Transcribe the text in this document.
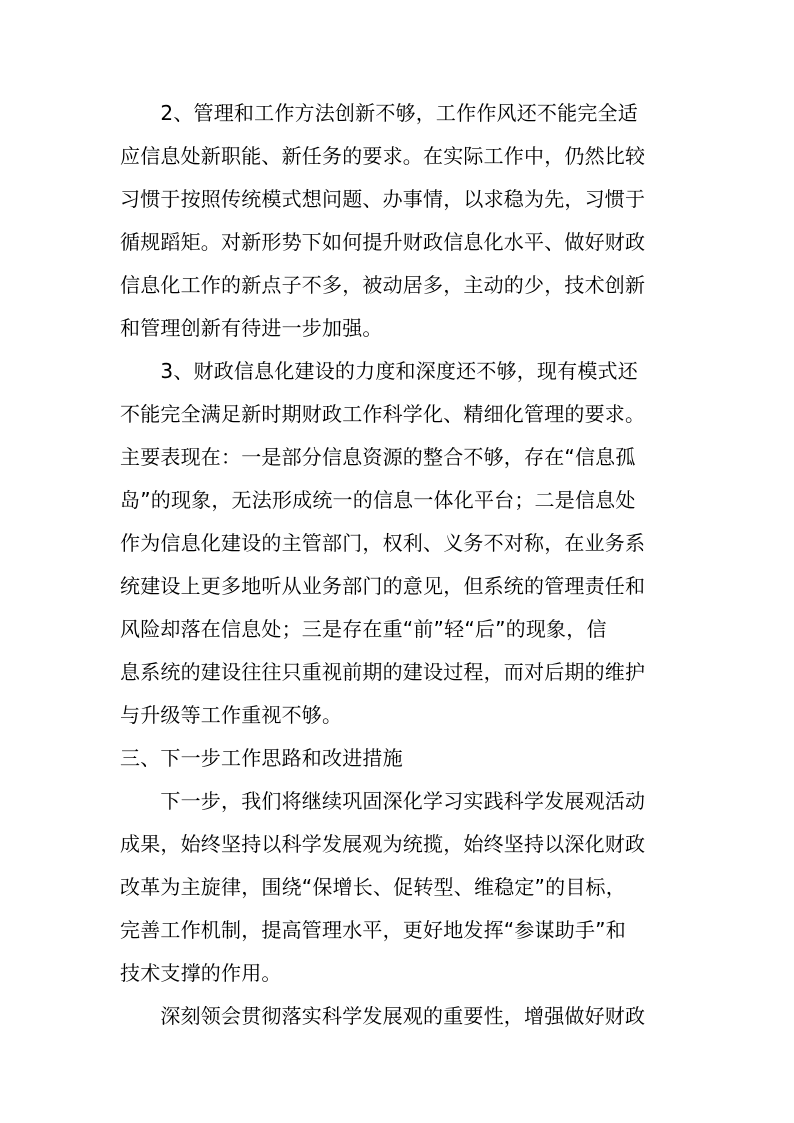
　　2、管理和工作方法创新不够，工作作风还不能完全适
应信息处新职能、新任务的要求。在实际工作中，仍然比较
习惯于按照传统模式想问题、办事情，以求稳为先，习惯于
循规蹈矩。对新形势下如何提升财政信息化水平、做好财政
信息化工作的新点子不多，被动居多，主动的少，技术创新
和管理创新有待进一步加强。
　　3、财政信息化建设的力度和深度还不够，现有模式还
不能完全满足新时期财政工作科学化、精细化管理的要求。
主要表现在：一是部分信息资源的整合不够，存在“信息孤
岛”的现象，无法形成统一的信息一体化平台；二是信息处
作为信息化建设的主管部门，权利、义务不对称，在业务系
统建设上更多地听从业务部门的意见，但系统的管理责任和
风险却落在信息处；三是存在重“前”轻“后”的现象，信
息系统的建设往往只重视前期的建设过程，而对后期的维护
与升级等工作重视不够。
三、下一步工作思路和改进措施
　　下一步，我们将继续巩固深化学习实践科学发展观活动
成果，始终坚持以科学发展观为统揽，始终坚持以深化财政
改革为主旋律，围绕“保增长、促转型、维稳定”的目标，
完善工作机制，提高管理水平，更好地发挥“参谋助手”和
技术支撑的作用。
　　深刻领会贯彻落实科学发展观的重要性，增强做好财政
